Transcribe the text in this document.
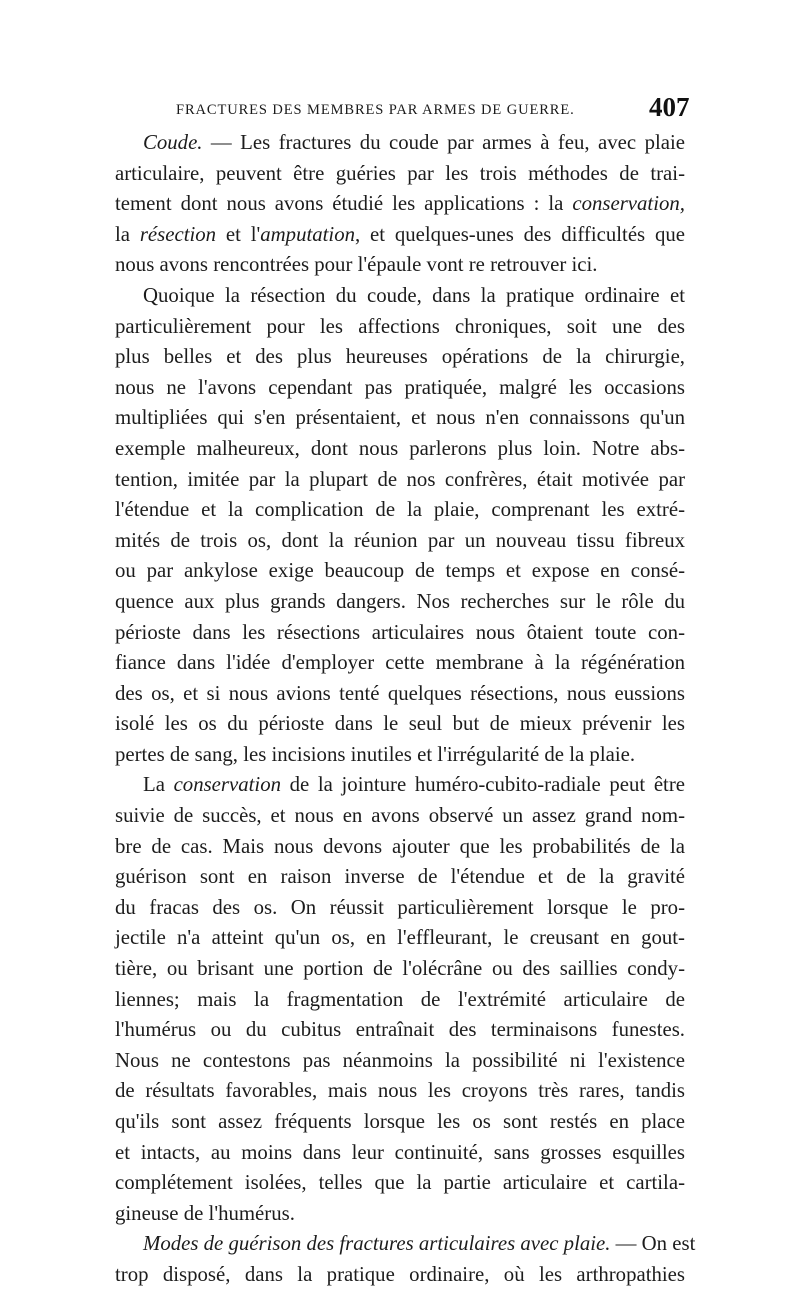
FRACTURES DES MEMBRES PAR ARMES DE GUERRE.	407
Coude. — Les fractures du coude par armes à feu, avec plaie
articulaire, peuvent être guéries par les trois méthodes de trai-
tement dont nous avons étudié les applications : la conservation,
la résection et l'amputation, et quelques-unes des difficultés que
nous avons rencontrées pour l'épaule vont re retrouver ici.
Quoique la résection du coude, dans la pratique ordinaire et
particulièrement pour les affections chroniques, soit une des
plus belles et des plus heureuses opérations de la chirurgie,
nous ne l'avons cependant pas pratiquée, malgré les occasions
multipliées qui s'en présentaient, et nous n'en connaissons qu'un
exemple malheureux, dont nous parlerons plus loin. Notre abs-
tention, imitée par la plupart de nos confrères, était motivée par
l'étendue et la complication de la plaie, comprenant les extré-
mités de trois os, dont la réunion par un nouveau tissu fibreux
ou par ankylose exige beaucoup de temps et expose en consé-
quence aux plus grands dangers. Nos recherches sur le rôle du
périoste dans les résections articulaires nous ôtaient toute con-
fiance dans l'idée d'employer cette membrane à la régénération
des os, et si nous avions tenté quelques résections, nous eussions
isolé les os du périoste dans le seul but de mieux prévenir les
pertes de sang, les incisions inutiles et l'irrégularité de la plaie.
La conservation de la jointure huméro-cubito-radiale peut être
suivie de succès, et nous en avons observé un assez grand nom-
bre de cas. Mais nous devons ajouter que les probabilités de la
guérison sont en raison inverse de l'étendue et de la gravité
du fracas des os. On réussit particulièrement lorsque le pro-
jectile n'a atteint qu'un os, en l'effleurant, le creusant en gout-
tière, ou brisant une portion de l'olécrâne ou des saillies condy-
liennes; mais la fragmentation de l'extrémité articulaire de
l'humérus ou du cubitus entraînait des terminaisons funestes.
Nous ne contestons pas néanmoins la possibilité ni l'existence
de résultats favorables, mais nous les croyons très rares, tandis
qu'ils sont assez fréquents lorsque les os sont restés en place
et intacts, au moins dans leur continuité, sans grosses esquilles
complétement isolées, telles que la partie articulaire et cartila-
gineuse de l'humérus.
Modes de guérison des fractures articulaires avec plaie. — On est
trop disposé, dans la pratique ordinaire, où les arthropathies
